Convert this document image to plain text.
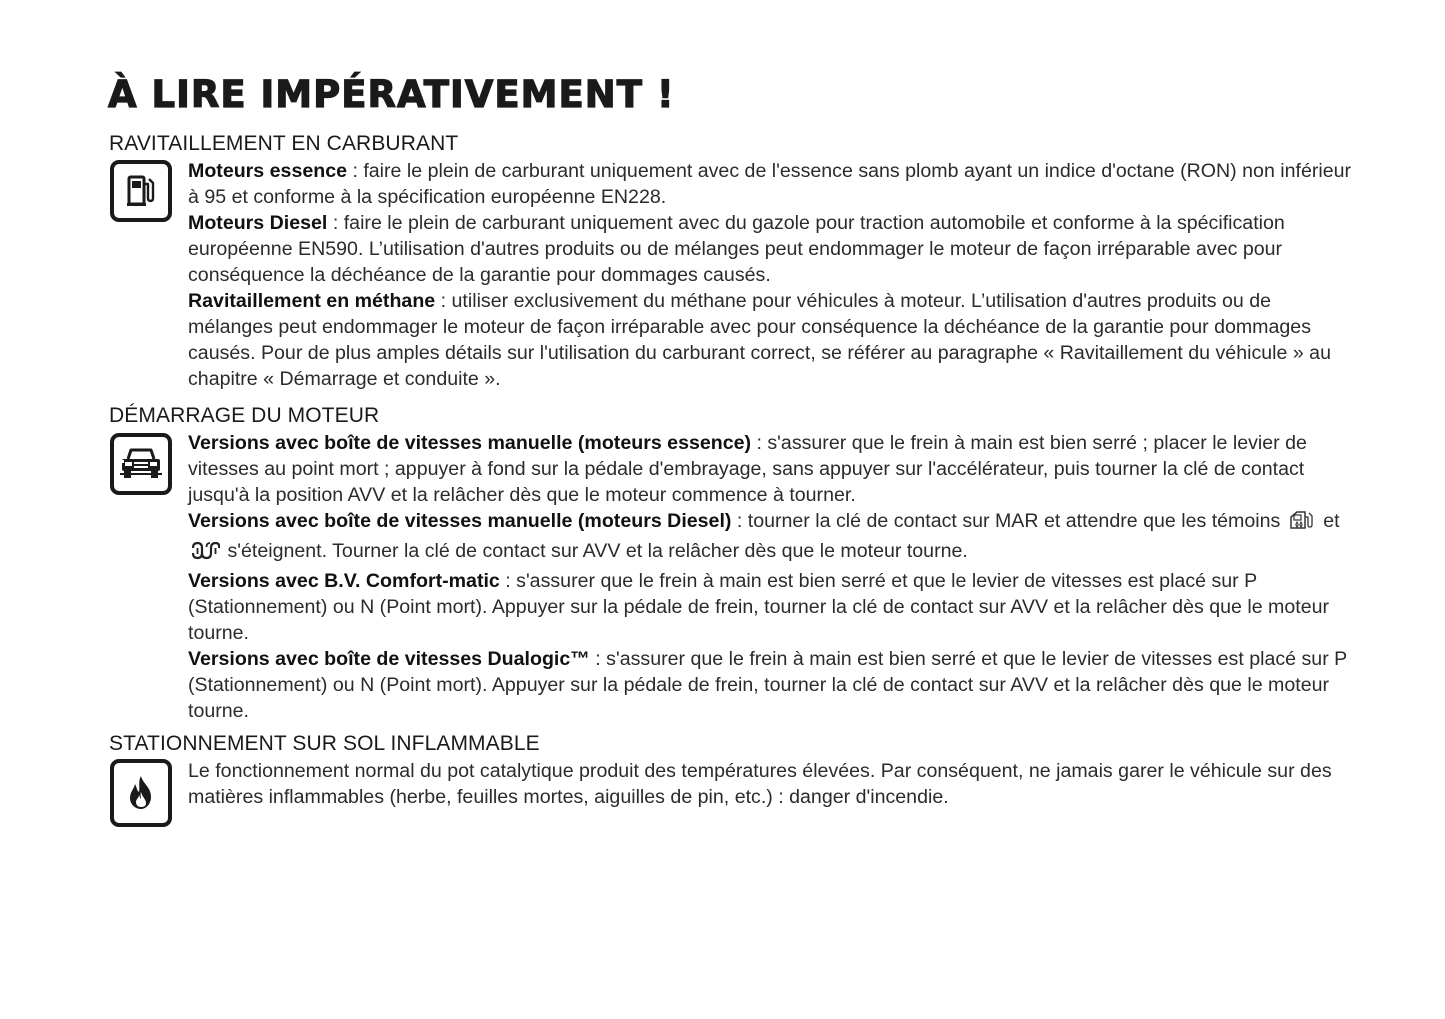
À LIRE IMPÉRATIVEMENT !
RAVITAILLEMENT EN CARBURANT

Moteurs essence : faire le plein de carburant uniquement avec de l'essence sans plomb ayant un indice d'octane (RON) non inférieur à 95 et conforme à la spécification européenne EN228.

Moteurs Diesel : faire le plein de carburant uniquement avec du gazole pour traction automobile et conforme à la spécification européenne EN590. L’utilisation d'autres produits ou de mélanges peut endommager le moteur de façon irréparable avec pour conséquence la déchéance de la garantie pour dommages causés.

Ravitaillement en méthane : utiliser exclusivement du méthane pour véhicules à moteur. L’utilisation d'autres produits ou de mélanges peut endommager le moteur de façon irréparable avec pour conséquence la déchéance de la garantie pour dommages causés. Pour de plus amples détails sur l'utilisation du carburant correct, se référer au paragraphe « Ravitaillement du véhicule » au chapitre « Démarrage et conduite ».

DÉMARRAGE DU MOTEUR

Versions avec boîte de vitesses manuelle (moteurs essence) : s'assurer que le frein à main est bien serré ; placer le levier de vitesses au point mort ; appuyer à fond sur la pédale d'embrayage, sans appuyer sur l'accélérateur, puis tourner la clé de contact jusqu'à la position AVV et la relâcher dès que le moteur commence à tourner.

Versions avec boîte de vitesses manuelle (moteurs Diesel) : tourner la clé de contact sur MAR et attendre que les témoins  et  s'éteignent. Tourner la clé de contact sur AVV et la relâcher dès que le moteur tourne.

Versions avec B.V. Comfort-matic : s'assurer que le frein à main est bien serré et que le levier de vitesses est placé sur P (Stationnement) ou N (Point mort). Appuyer sur la pédale de frein, tourner la clé de contact sur AVV et la relâcher dès que le moteur tourne.

Versions avec boîte de vitesses Dualogic™ : s'assurer que le frein à main est bien serré et que le levier de vitesses est placé sur P (Stationnement) ou N (Point mort). Appuyer sur la pédale de frein, tourner la clé de contact sur AVV et la relâcher dès que le moteur tourne.

STATIONNEMENT SUR SOL INFLAMMABLE

Le fonctionnement normal du pot catalytique produit des températures élevées. Par conséquent, ne jamais garer le véhicule sur des matières inflammables (herbe, feuilles mortes, aiguilles de pin, etc.) : danger d'incendie.
